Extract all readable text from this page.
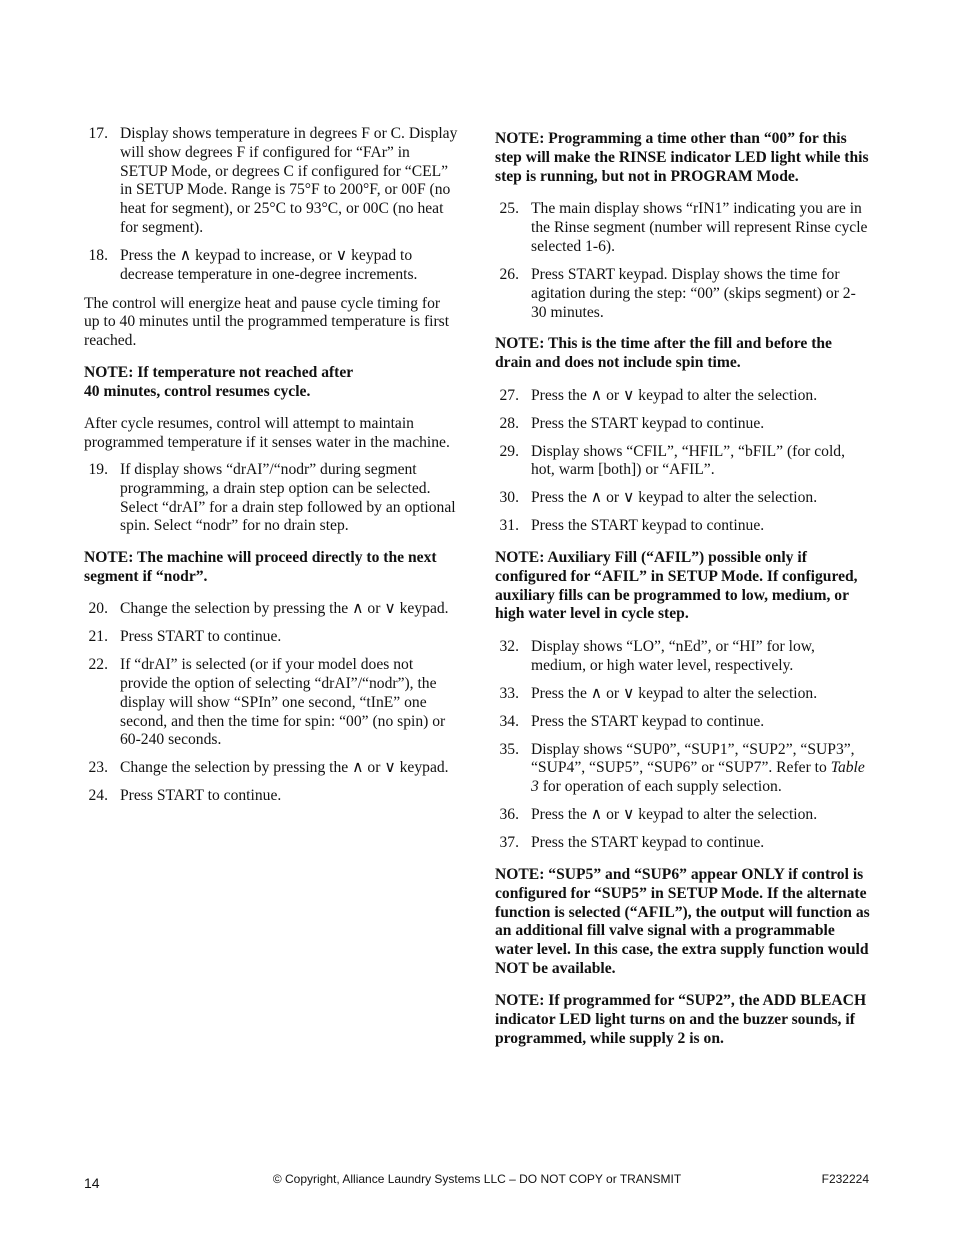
17. Display shows temperature in degrees F or C. Display will show degrees F if configured for “FAr” in SETUP Mode, or degrees C if configured for “CEL” in SETUP Mode. Range is 75°F to 200°F, or 00F (no heat for segment), or 25°C to 93°C, or 00C (no heat for segment).
18. Press the ∧ keypad to increase, or ∨ keypad to decrease temperature in one-degree increments.

The control will energize heat and pause cycle timing for up to 40 minutes until the programmed temperature is first reached.

NOTE: If temperature not reached after
40 minutes, control resumes cycle.

After cycle resumes, control will attempt to maintain programmed temperature if it senses water in the machine.

19. If display shows “drAI”/“nodr” during segment programming, a drain step option can be selected. Select “drAI” for a drain step followed by an optional spin. Select “nodr” for no drain step.

NOTE: The machine will proceed directly to the next segment if “nodr”.

20. Change the selection by pressing the ∧ or ∨ keypad.
21. Press START to continue.
22. If “drAI” is selected (or if your model does not provide the option of selecting “drAI”/“nodr”), the display will show “SPIn” one second, “tInE” one second, and then the time for spin: “00” (no spin) or 60-240 seconds.
23. Change the selection by pressing the ∧ or ∨ keypad.
24. Press START to continue.

NOTE: Programming a time other than “00” for this step will make the RINSE indicator LED light while this step is running, but not in PROGRAM Mode.

25. The main display shows “rIN1” indicating you are in the Rinse segment (number will represent Rinse cycle selected 1-6).
26. Press START keypad. Display shows the time for agitation during the step: “00” (skips segment) or 2-30 minutes.

NOTE: This is the time after the fill and before the drain and does not include spin time.

27. Press the ∧ or ∨ keypad to alter the selection.
28. Press the START keypad to continue.
29. Display shows “CFIL”, “HFIL”, “bFIL” (for cold, hot, warm [both]) or “AFIL”.
30. Press the ∧ or ∨ keypad to alter the selection.
31. Press the START keypad to continue.

NOTE: Auxiliary Fill (“AFIL”) possible only if configured for “AFIL” in SETUP Mode. If configured, auxiliary fills can be programmed to low, medium, or high water level in cycle step.

32. Display shows “LO”, “nEd”, or “HI” for low, medium, or high water level, respectively.
33. Press the ∧ or ∨ keypad to alter the selection.
34. Press the START keypad to continue.
35. Display shows “SUP0”, “SUP1”, “SUP2”, “SUP3”, “SUP4”, “SUP5”, “SUP6” or “SUP7”. Refer to Table 3 for operation of each supply selection.
36. Press the ∧ or ∨ keypad to alter the selection.
37. Press the START keypad to continue.

NOTE: “SUP5” and “SUP6” appear ONLY if control is configured for “SUP5” in SETUP Mode. If the alternate function is selected (“AFIL”), the output will function as an additional fill valve signal with a programmable water level. In this case, the extra supply function would NOT be available.

NOTE: If programmed for “SUP2”, the ADD BLEACH indicator LED light turns on and the buzzer sounds, if programmed, while supply 2 is on.

14	© Copyright, Alliance Laundry Systems LLC – DO NOT COPY or TRANSMIT	F232224
